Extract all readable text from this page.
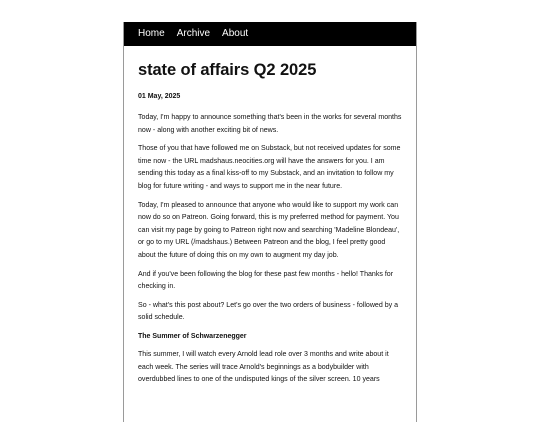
Home Archive About
state of affairs Q2 2025

01 May, 2025

Today, I'm happy to announce something that's been in the works for several months now - along with another exciting bit of news.

Those of you that have followed me on Substack, but not received updates for some time now - the URL madshaus.neocities.org will have the answers for you. I am sending this today as a final kiss-off to my Substack, and an invitation to follow my blog for future writing - and ways to support me in the near future.

Today, I'm pleased to announce that anyone who would like to support my work can now do so on Patreon. Going forward, this is my preferred method for payment. You can visit my page by going to Patreon right now and searching 'Madeline Blondeau', or go to my URL (/madshaus.) Between Patreon and the blog, I feel pretty good about the future of doing this on my own to augment my day job.

And if you've been following the blog for these past few months - hello! Thanks for checking in.

So - what's this post about? Let's go over the two orders of business - followed by a solid schedule.

The Summer of Schwarzenegger

This summer, I will watch every Arnold lead role over 3 months and write about it each week. The series will trace Arnold's beginnings as a bodybuilder with overdubbed lines to one of the undisputed kings of the silver screen. 10 years
